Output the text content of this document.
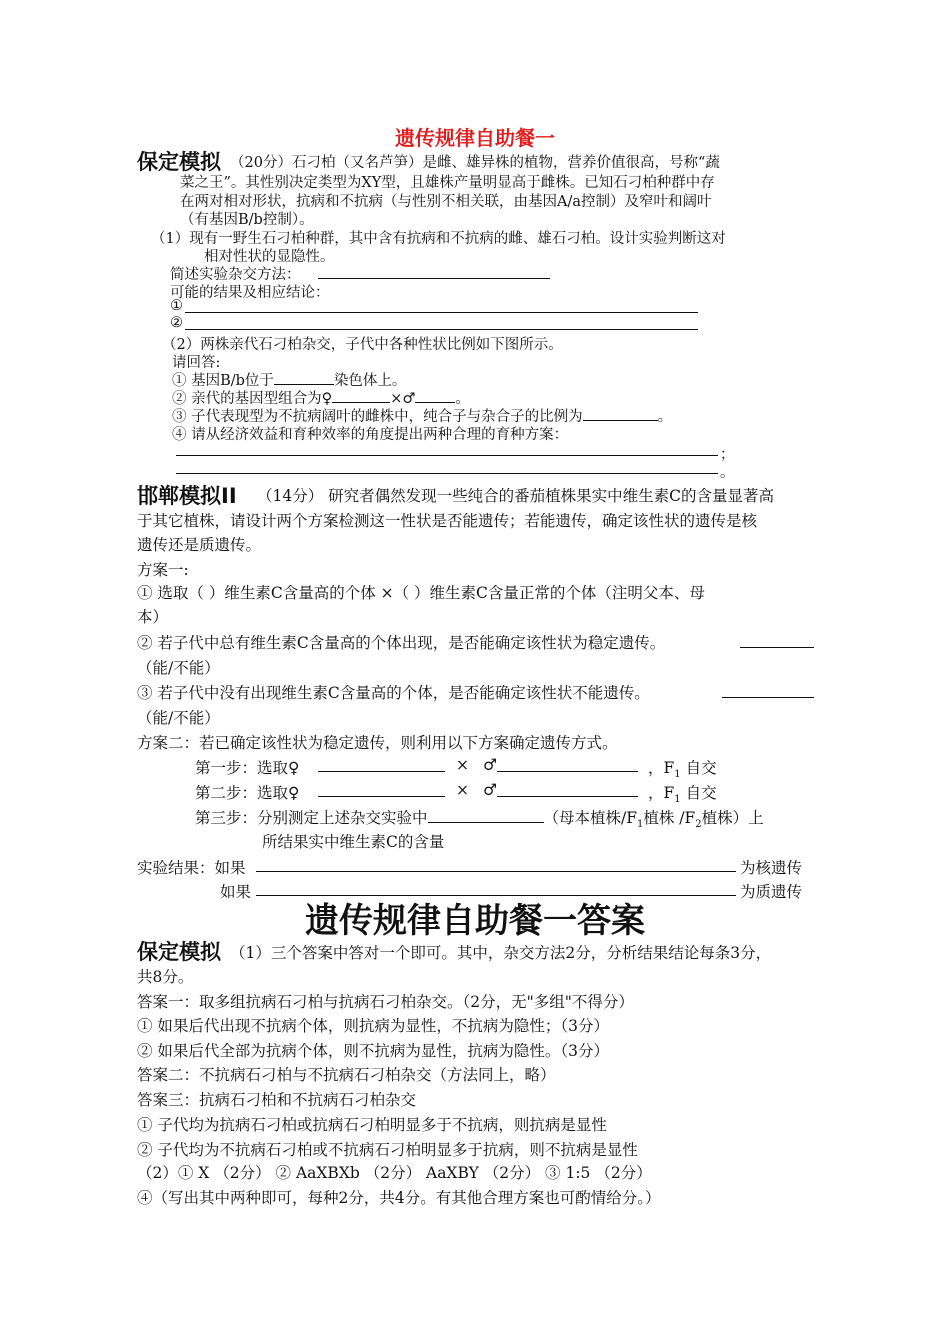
遗传规律自助餐一
保定模拟 （20分）石刁柏（又名芦笋）是雌、雄异株的植物，营养价值很高，号称“蔬
菜之王”。其性别决定类型为XY型，且雄株产量明显高于雌株。已知石刁柏种群中存
在两对相对形状，抗病和不抗病（与性别不相关联，由基因A/a控制）及窄叶和阔叶
（有基因B/b控制）。
（1）现有一野生石刁柏种群，其中含有抗病和不抗病的雌、雄石刁柏。设计实验判断这对
相对性状的显隐性。
简述实验杂交方法：
可能的结果及相应结论：
①
②
（2）两株亲代石刁柏杂交，子代中各种性状比例如下图所示。
请回答:
① 基因B/b位于	染色体上。
② 亲代的基因型组合为♀	×♂	。
③ 子代表现型为不抗病阔叶的雌株中，纯合子与杂合子的比例为	。
④ 请从经济效益和育种效率的角度提出两种合理的育种方案：
；
。
邯郸模拟II （14分） 研究者偶然发现一些纯合的番茄植株果实中维生素C的含量显著高
于其它植株，请设计两个方案检测这一性状是否能遗传；若能遗传，确定该性状的遗传是核
遗传还是质遗传。
方案一:
① 选取（ ）维生素C含量高的个体 ×（ ）维生素C含量正常的个体（注明父本、母
本）
② 若子代中总有维生素C含量高的个体出现，是否能确定该性状为稳定遗传。
（能/不能）
③ 若子代中没有出现维生素C含量高的个体，是否能确定该性状不能遗传。
（能/不能）
方案二：若已确定该性状为稳定遗传，则利用以下方案确定遗传方式。
第一步：选取♀	× ♂	，$F_1$ 自交
第二步：选取♀	× ♂	，$F_1$ 自交
第三步：分别测定上述杂交实验中	（母本植株$/F_1$植株 $/F_2$植株）上
所结果实中维生素C的含量
实验结果：如果	为核遗传
如果	为质遗传
遗传规律自助餐一答案
保定模拟 （1）三个答案中答对一个即可。其中，杂交方法2分，分析结果结论每条3分，
共8分。
答案一：取多组抗病石刁柏与抗病石刁柏杂交。（2分，无"多组"不得分）
① 如果后代出现不抗病个体，则抗病为显性，不抗病为隐性；（3分）
② 如果后代全部为抗病个体，则不抗病为显性，抗病为隐性。（3分）
答案二：不抗病石刁柏与不抗病石刁柏杂交（方法同上，略）
答案三：抗病石刁柏和不抗病石刁柏杂交
① 子代均为抗病石刁柏或抗病石刁柏明显多于不抗病，则抗病是显性
② 子代均为不抗病石刁柏或不抗病石刁柏明显多于抗病，则不抗病是显性
（2）① X （2分） ② AaXBXb （2分） AaXBY （2分） ③ 1:5 （2分）
④（写出其中两种即可，每种2分，共4分。有其他合理方案也可酌情给分。）
